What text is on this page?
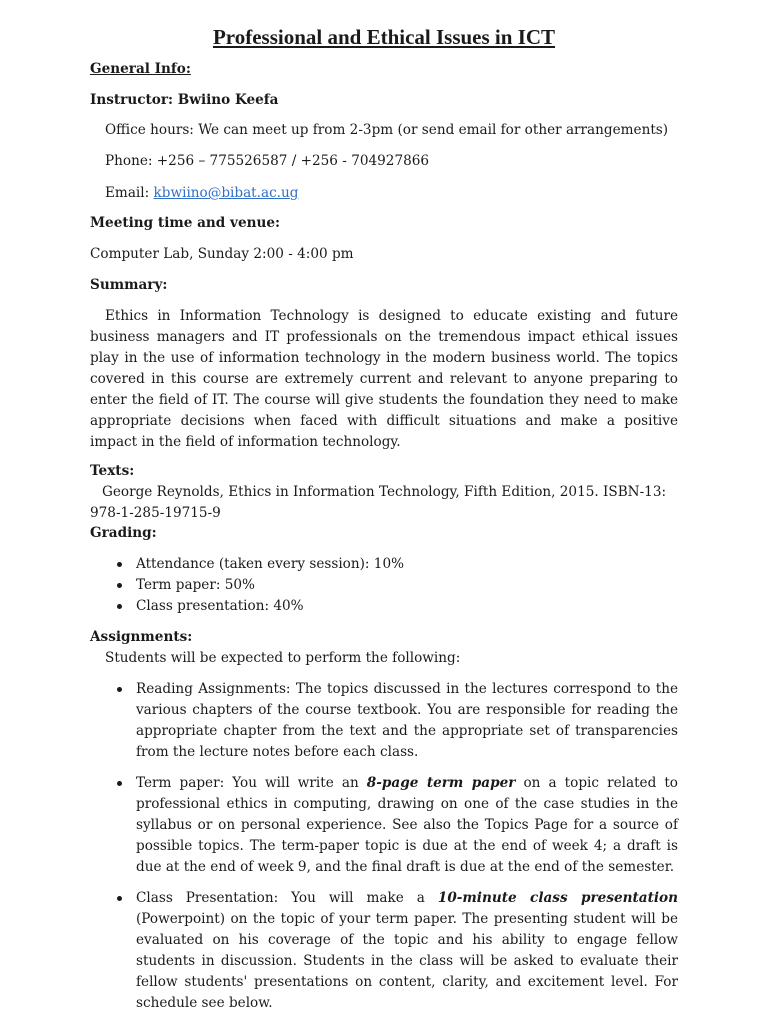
Professional and Ethical Issues in ICT

General Info:

Instructor: Bwiino Keefa

Office hours: We can meet up from 2-3pm (or send email for other arrangements)

Phone: +256 – 775526587 / +256 - 704927866

Email: kbwiino@bibat.ac.ug

Meeting time and venue:

Computer Lab, Sunday 2:00 - 4:00 pm

Summary:

Ethics in Information Technology is designed to educate existing and future business managers and IT professionals on the tremendous impact ethical issues play in the use of information technology in the modern business world. The topics covered in this course are extremely current and relevant to anyone preparing to enter the field of IT. The course will give students the foundation they need to make appropriate decisions when faced with difficult situations and make a positive impact in the field of information technology.

Texts:

George Reynolds, Ethics in Information Technology, Fifth Edition, 2015. ISBN-13: 978-1-285-19715-9

Grading:

Attendance (taken every session): 10%
Term paper: 50%
Class presentation: 40%

Assignments:

Students will be expected to perform the following:

Reading Assignments: The topics discussed in the lectures correspond to the various chapters of the course textbook. You are responsible for reading the appropriate chapter from the text and the appropriate set of transparencies from the lecture notes before each class.
Term paper: You will write an 8-page term paper on a topic related to professional ethics in computing, drawing on one of the case studies in the syllabus or on personal experience. See also the Topics Page for a source of possible topics. The term-paper topic is due at the end of week 4; a draft is due at the end of week 9, and the final draft is due at the end of the semester.
Class Presentation: You will make a 10-minute class presentation (Powerpoint) on the topic of your term paper. The presenting student will be evaluated on his coverage of the topic and his ability to engage fellow students in discussion. Students in the class will be asked to evaluate their fellow students' presentations on content, clarity, and excitement level. For schedule see below.
